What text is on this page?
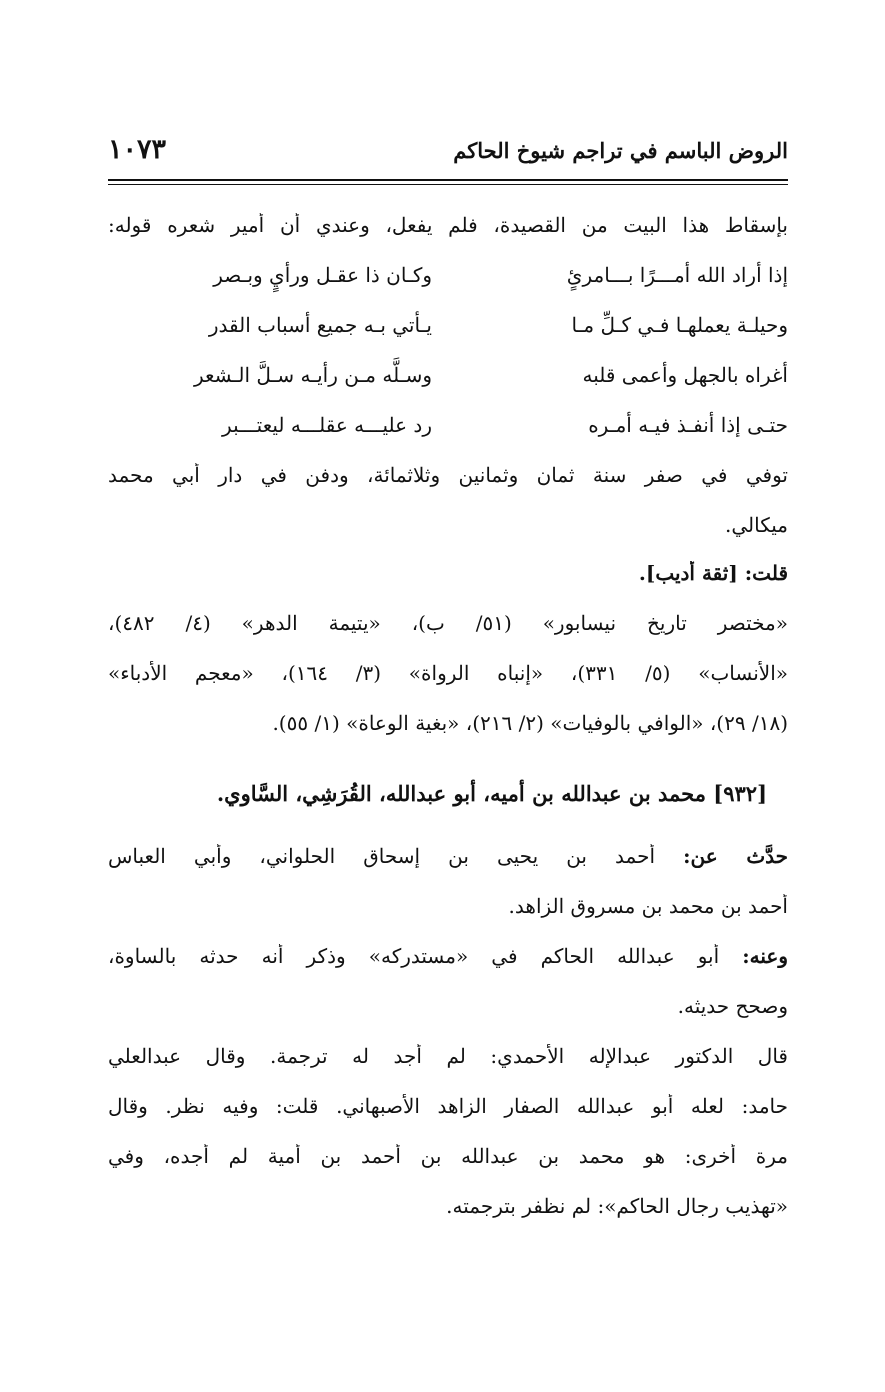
الروض الباسم في تراجم شيوخ الحاكم
١٠٧٣
بإسقاط هذا البيت من القصيدة، فلم يفعل، وعندي أن أمير شعره قوله:
إذا أراد الله أمـــرًا بـــامرئٍ
وكـان ذا عقـل ورأيٍ وبـصر
وحيلـة يعملهـا فـي كـلِّ مـا
يـأتي بـه جميع أسباب القدر
أغراه بالجهل وأعمى قلبه
وسـلَّه مـن رأيـه سـلَّ الـشعر
حتـى إذا أنفـذ فيـه أمـره
رد عليـــه عقلـــه ليعتـــبر
توفي في صفر سنة ثمان وثمانين وثلاثمائة، ودفن في دار أبي محمد
ميكالي.
قلت: [ثقة أديب].
«مختصر تاريخ نيسابور» (٥١/ ب)، «يتيمة الدهر» (٤/ ٤٨٢)،
«الأنساب» (٥/ ٣٣١)، «إنباه الرواة» (٣/ ١٦٤)، «معجم الأدباء»
(١٨/ ٢٩)، «الوافي بالوفيات» (٢/ ٢١٦)، «بغية الوعاة» (١/ ٥٥).
[٩٣٢] محمد بن عبدالله بن أميه، أبو عبدالله، القُرَشِي، السَّاوي.
حدَّث عن: أحمد بن يحيى بن إسحاق الحلواني، وأبي العباس
أحمد بن محمد بن مسروق الزاهد.
وعنه: أبو عبدالله الحاكم في «مستدركه» وذكر أنه حدثه بالساوة،
وصحح حديثه.
قال الدكتور عبدالإله الأحمدي: لم أجد له ترجمة. وقال عبدالعلي
حامد: لعله أبو عبدالله الصفار الزاهد الأصبهاني. قلت: وفيه نظر. وقال
مرة أخرى: هو محمد بن عبدالله بن أحمد بن أمية لم أجده، وفي
«تهذيب رجال الحاكم»: لم نظفر بترجمته.
